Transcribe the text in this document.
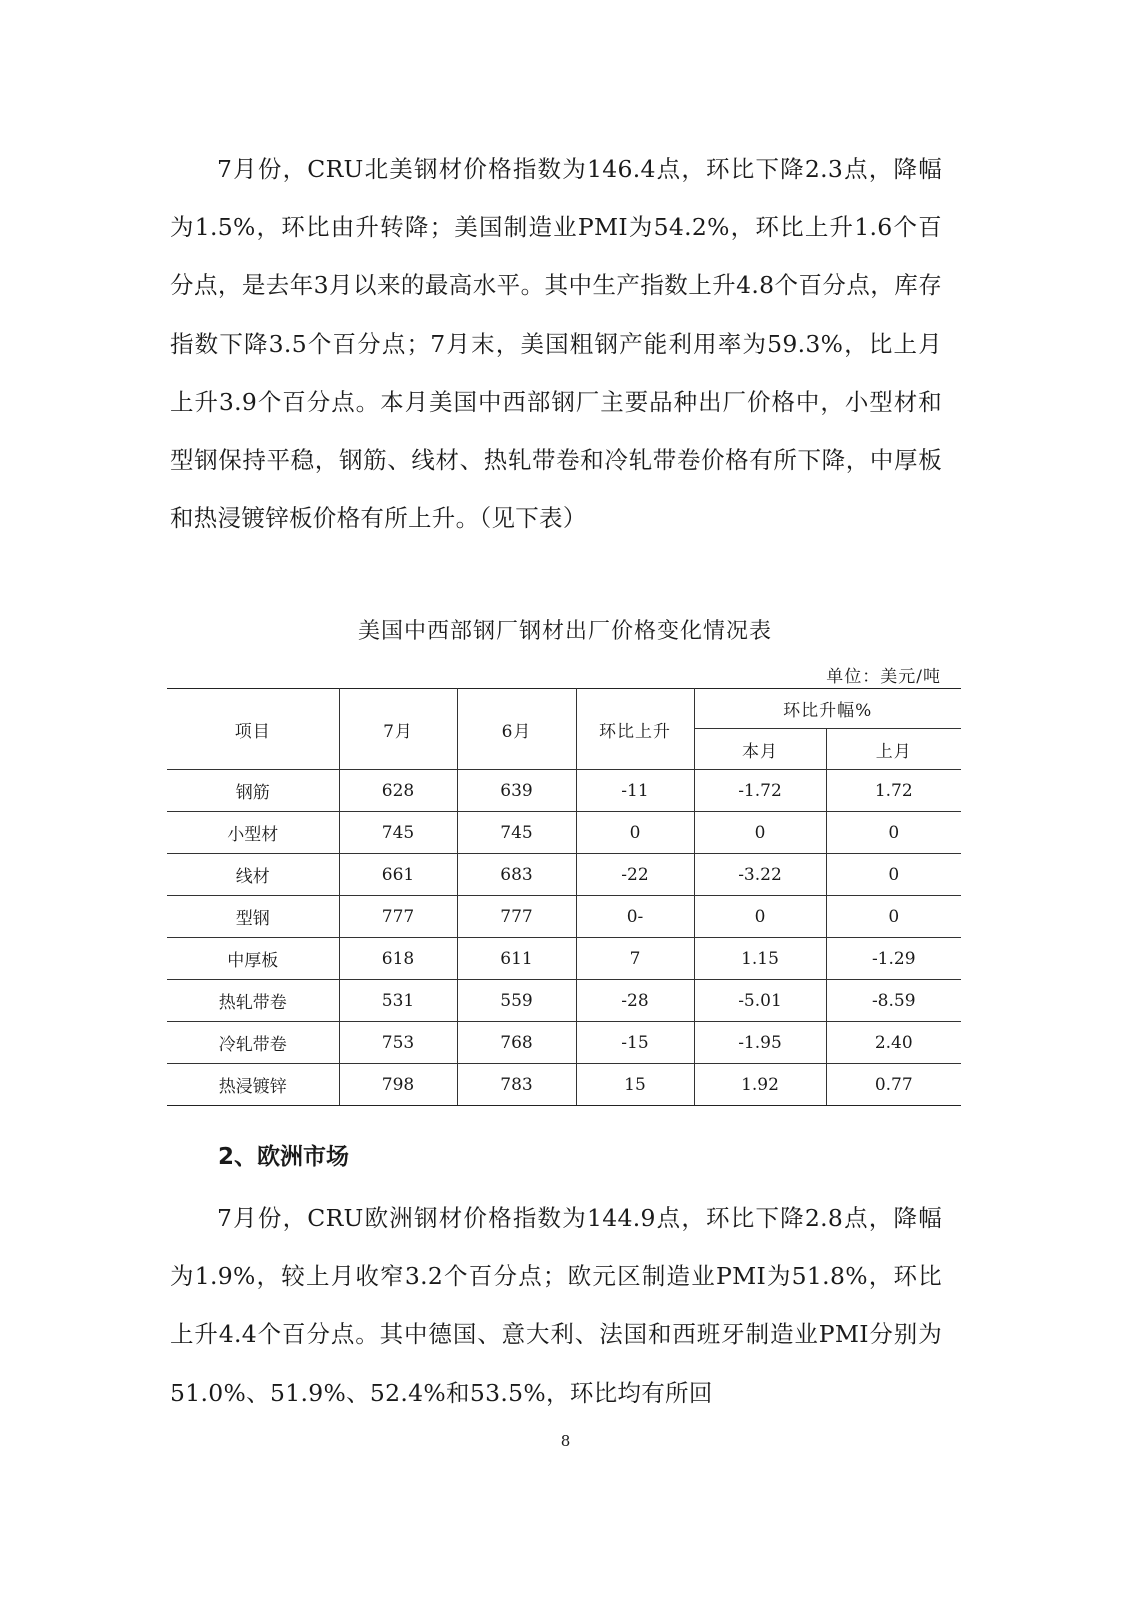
7月份，CRU北美钢材价格指数为146.4点，环比下降2.3点，降幅为1.5%，环比由升转降；美国制造业PMI为54.2%，环比上升1.6个百分点，是去年3月以来的最高水平。其中生产指数上升4.8个百分点，库存指数下降3.5个百分点；7月末，美国粗钢产能利用率为59.3%，比上月上升3.9个百分点。本月美国中西部钢厂主要品种出厂价格中，小型材和型钢保持平稳，钢筋、线材、热轧带卷和冷轧带卷价格有所下降，中厚板和热浸镀锌板价格有所上升。（见下表）

美国中西部钢厂钢材出厂价格变化情况表
单位：美元/吨
项目	7月	6月	环比上升	环比升幅%	
				本月	上月
钢筋	628	639	-11	-1.72	1.72
小型材	745	745	0	0	0
线材	661	683	-22	-3.22	0
型钢	777	777	0-	0	0
中厚板	618	611	7	1.15	-1.29
热轧带卷	531	559	-28	-5.01	-8.59
冷轧带卷	753	768	-15	-1.95	2.40
热浸镀锌	798	783	15	1.92	0.77
2、欧洲市场

7月份，CRU欧洲钢材价格指数为144.9点，环比下降2.8点，降幅为1.9%，较上月收窄3.2个百分点；欧元区制造业PMI为51.8%，环比上升4.4个百分点。其中德国、意大利、法国和西班牙制造业PMI分别为51.0%、51.9%、52.4%和53.5%，环比均有所回

8
